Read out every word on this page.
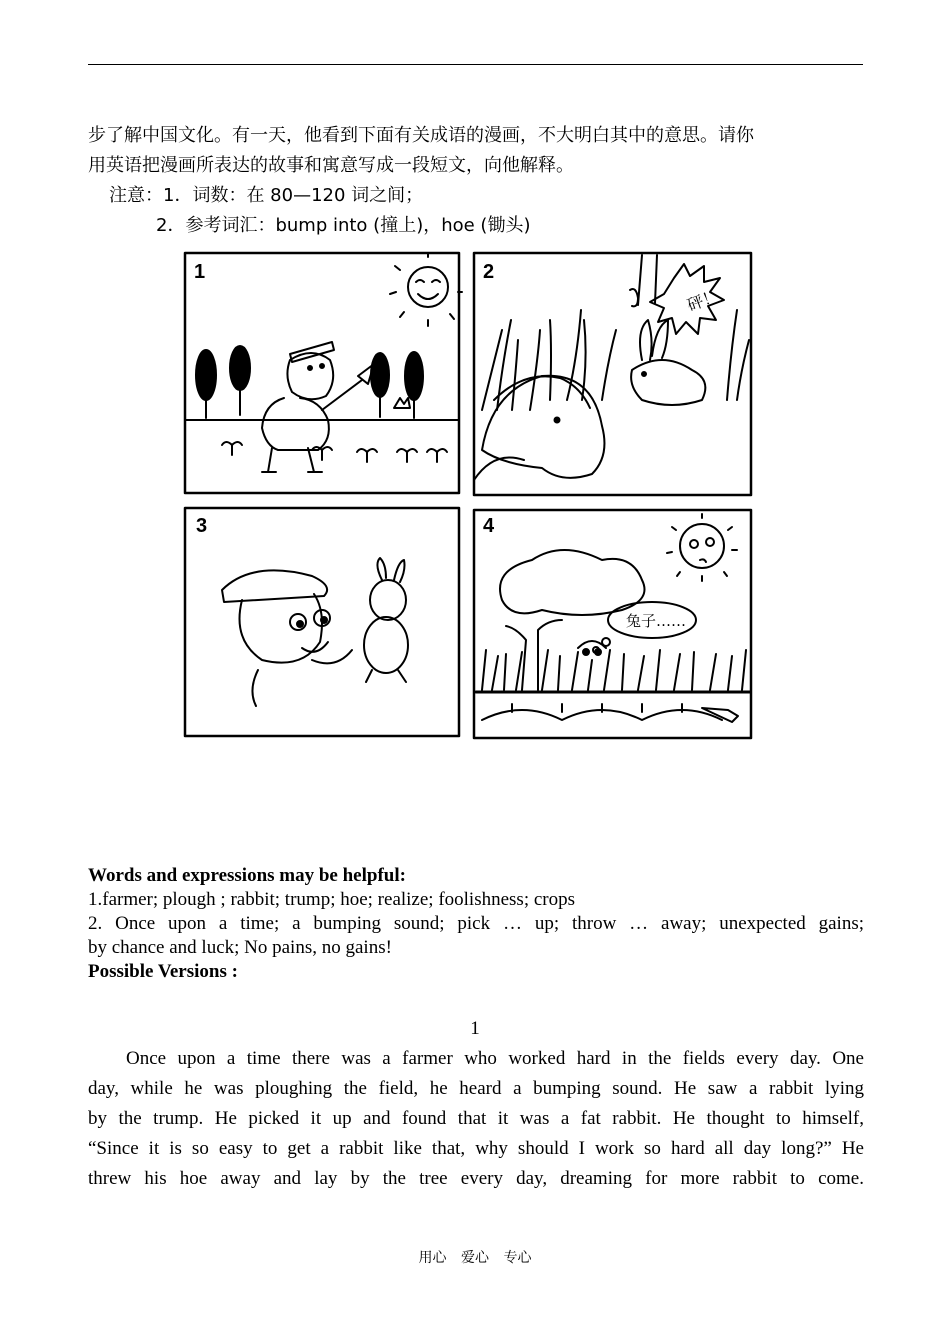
步了解中国文化。有一天，他看到下面有关成语的漫画，不大明白其中的意思。请你
用英语把漫画所表达的故事和寓意写成一段短文，向他解释。
注意：1．词数：在 80—120 词之间；
2．参考词汇：bump into (撞上)，hoe (锄头)
1	2
砰！
3	4
兔子……
Words and expressions may be helpful:
1.farmer; plough ; rabbit; trump; hoe; realize; foolishness; crops
2. Once upon a time; a bumping sound; pick … up; throw … away; unexpected gains;
by chance and luck; No pains, no gains!
Possible Versions :
1
Once upon a time there was a farmer who worked hard in the fields every day. One
day, while he was ploughing the field, he heard a bumping sound. He saw a rabbit lying
by the trump. He picked it up and found that it was a fat rabbit. He thought to himself,
“Since it is so easy to get a rabbit like that, why should I work so hard all day long?” He
threw his hoe away and lay by the tree every day, dreaming for more rabbit to come.
用心 爱心 专心
